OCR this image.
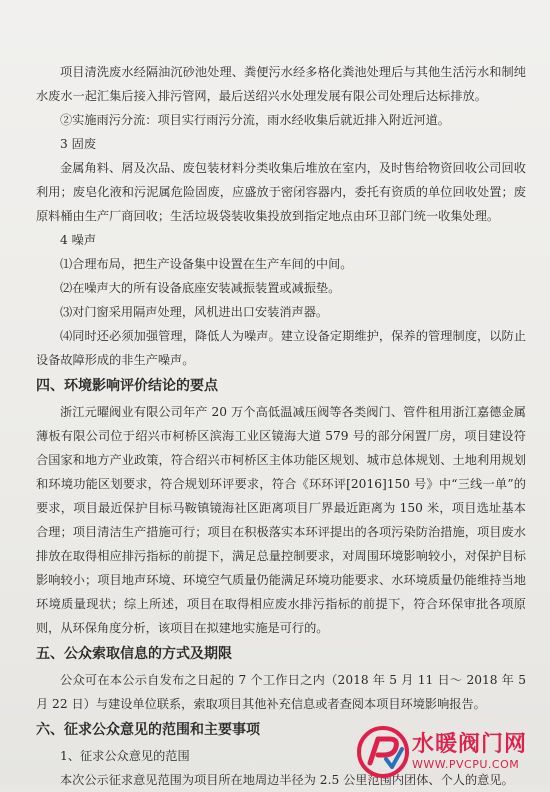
项目清洗废水经隔油沉砂池处理、粪便污水经多格化粪池处理后与其他生活污水和制纯水废水一起汇集后接入排污管网，最后送绍兴水处理发展有限公司处理后达标排放。

②实施雨污分流：项目实行雨污分流，雨水经收集后就近排入附近河道。

3 固废

金属角料、屑及次品、废包装材料分类收集后堆放在室内，及时售给物资回收公司回收利用；废皂化液和污泥属危险固废，应盛放于密闭容器内，委托有资质的单位回收处置；废原料桶由生产厂商回收；生活垃圾袋装收集投放到指定地点由环卫部门统一收集处理。

4 噪声

⑴合理布局，把生产设备集中设置在生产车间的中间。

⑵在噪声大的所有设备底座安装减振装置或减振垫。

⑶对门窗采用隔声处理，风机进出口安装消声器。

⑷同时还必须加强管理，降低人为噪声。建立设备定期维护，保养的管理制度，以防止设备故障形成的非生产噪声。

四、环境影响评价结论的要点

浙江元曜阀业有限公司年产 20 万个高低温减压阀等各类阀门、管件租用浙江嘉德金属薄板有限公司位于绍兴市柯桥区滨海工业区镜海大道 579 号的部分闲置厂房，项目建设符合国家和地方产业政策，符合绍兴市柯桥区主体功能区规划、城市总体规划、土地利用规划和环境功能区划要求，符合规划环评要求，符合《环环评[2016]150 号》中“三线一单”的要求，项目最近保护目标马鞍镇镜海社区距离项目厂界最近距离为 150 米，项目选址基本合理；项目清洁生产措施可行；项目在积极落实本环评提出的各项污染防治措施，项目废水排放在取得相应排污指标的前提下，满足总量控制要求，对周围环境影响较小，对保护目标影响较小；项目地声环境、环境空气质量仍能满足环境功能要求、水环境质量仍能维持当地环境质量现状；综上所述，项目在取得相应废水排污指标的前提下，符合环保审批各项原则，从环保角度分析，该项目在拟建地实施是可行的。

五、公众索取信息的方式及期限

公众可在本公示自发布之日起的 7 个工作日之内（2018 年 5 月 11 日～ 2018 年 5 月 22 日）与建设单位联系，索取项目其他补充信息或者查阅本项目环境影响报告。

六、征求公众意见的范围和主要事项

1、征求公众意见的范围

本次公示征求意见范围为项目所在地周边半径为 2.5 公里范围内团体、个人的意见。

水暖阀门网
WWW.PVCPU.COM
